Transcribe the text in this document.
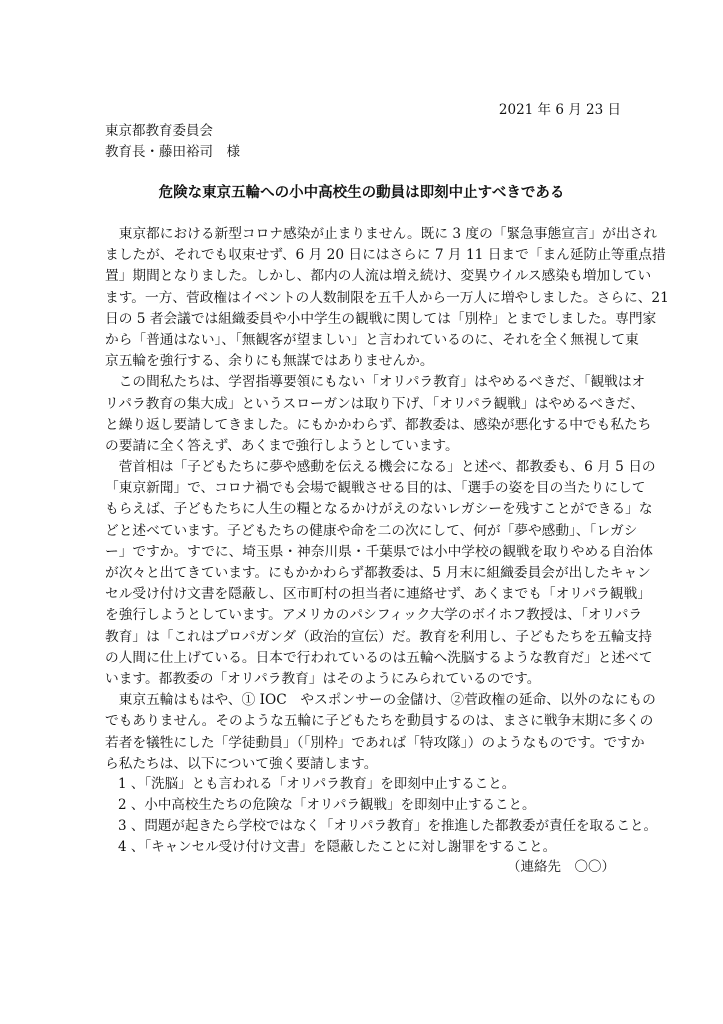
2021 年 6 月 23 日
東京都教育委員会
教育長・藤田裕司　様
危険な東京五輪への小中高校生の動員は即刻中止すべきである
　東京都における新型コロナ感染が止まりません。既に 3 度の「緊急事態宣言」が出され
ましたが、それでも収束せず、6 月 20 日にはさらに 7 月 11 日まで「まん延防止等重点措
置」期間となりました。しかし、都内の人流は増え続け、変異ウイルス感染も増加してい
ます。一方、菅政権はイベントの人数制限を五千人から一万人に増やしました。さらに、21
日の 5 者会議では組織委員や小中学生の観戦に関しては「別枠」とまでしました。専門家
から「普通はない」、「無観客が望ましい」と言われているのに、それを全く無視して東
京五輪を強行する、余りにも無謀ではありませんか。
　この間私たちは、学習指導要領にもない「オリパラ教育」はやめるべきだ、「観戦はオ
リパラ教育の集大成」というスローガンは取り下げ、「オリパラ観戦」はやめるべきだ、
と繰り返し要請してきました。にもかかわらず、都教委は、感染が悪化する中でも私たち
の要請に全く答えず、あくまで強行しようとしています。
　菅首相は「子どもたちに夢や感動を伝える機会になる」と述べ、都教委も、6 月 5 日の
「東京新聞」で、コロナ禍でも会場で観戦させる目的は、「選手の姿を目の当たりにして
もらえば、子どもたちに人生の糧となるかけがえのないレガシーを残すことができる」な
どと述べています。子どもたちの健康や命を二の次にして、何が「夢や感動」、「レガシ
ー」ですか。すでに、埼玉県・神奈川県・千葉県では小中学校の観戦を取りやめる自治体
が次々と出てきています。にもかかわらず都教委は、5 月末に組織委員会が出したキャン
セル受け付け文書を隠蔽し、区市町村の担当者に連絡せず、あくまでも「オリパラ観戦」
を強行しようとしています。アメリカのパシフィック大学のボイホフ教授は、「オリパラ
教育」は「これはプロパガンダ（政治的宣伝）だ。教育を利用し、子どもたちを五輪支持
の人間に仕上げている。日本で行われているのは五輪へ洗脳するような教育だ」と述べて
います。都教委の「オリパラ教育」はそのようにみられているのです。
　東京五輪はもはや、① IOC　やスポンサーの金儲け、②菅政権の延命、以外のなにもの
でもありません。そのような五輪に子どもたちを動員するのは、まさに戦争末期に多くの
若者を犠牲にした「学徒動員」（「別枠」であれば「特攻隊」）のようなものです。ですか
ら私たちは、以下について強く要請します。
1 、「洗脳」とも言われる「オリパラ教育」を即刻中止すること。
2 、小中高校生たちの危険な「オリパラ観戦」を即刻中止すること。
3 、問題が起きたら学校ではなく「オリパラ教育」を推進した都教委が責任を取ること。
4 、「キャンセル受け付け文書」を隠蔽したことに対し謝罪をすること。
（連絡先　〇〇）
